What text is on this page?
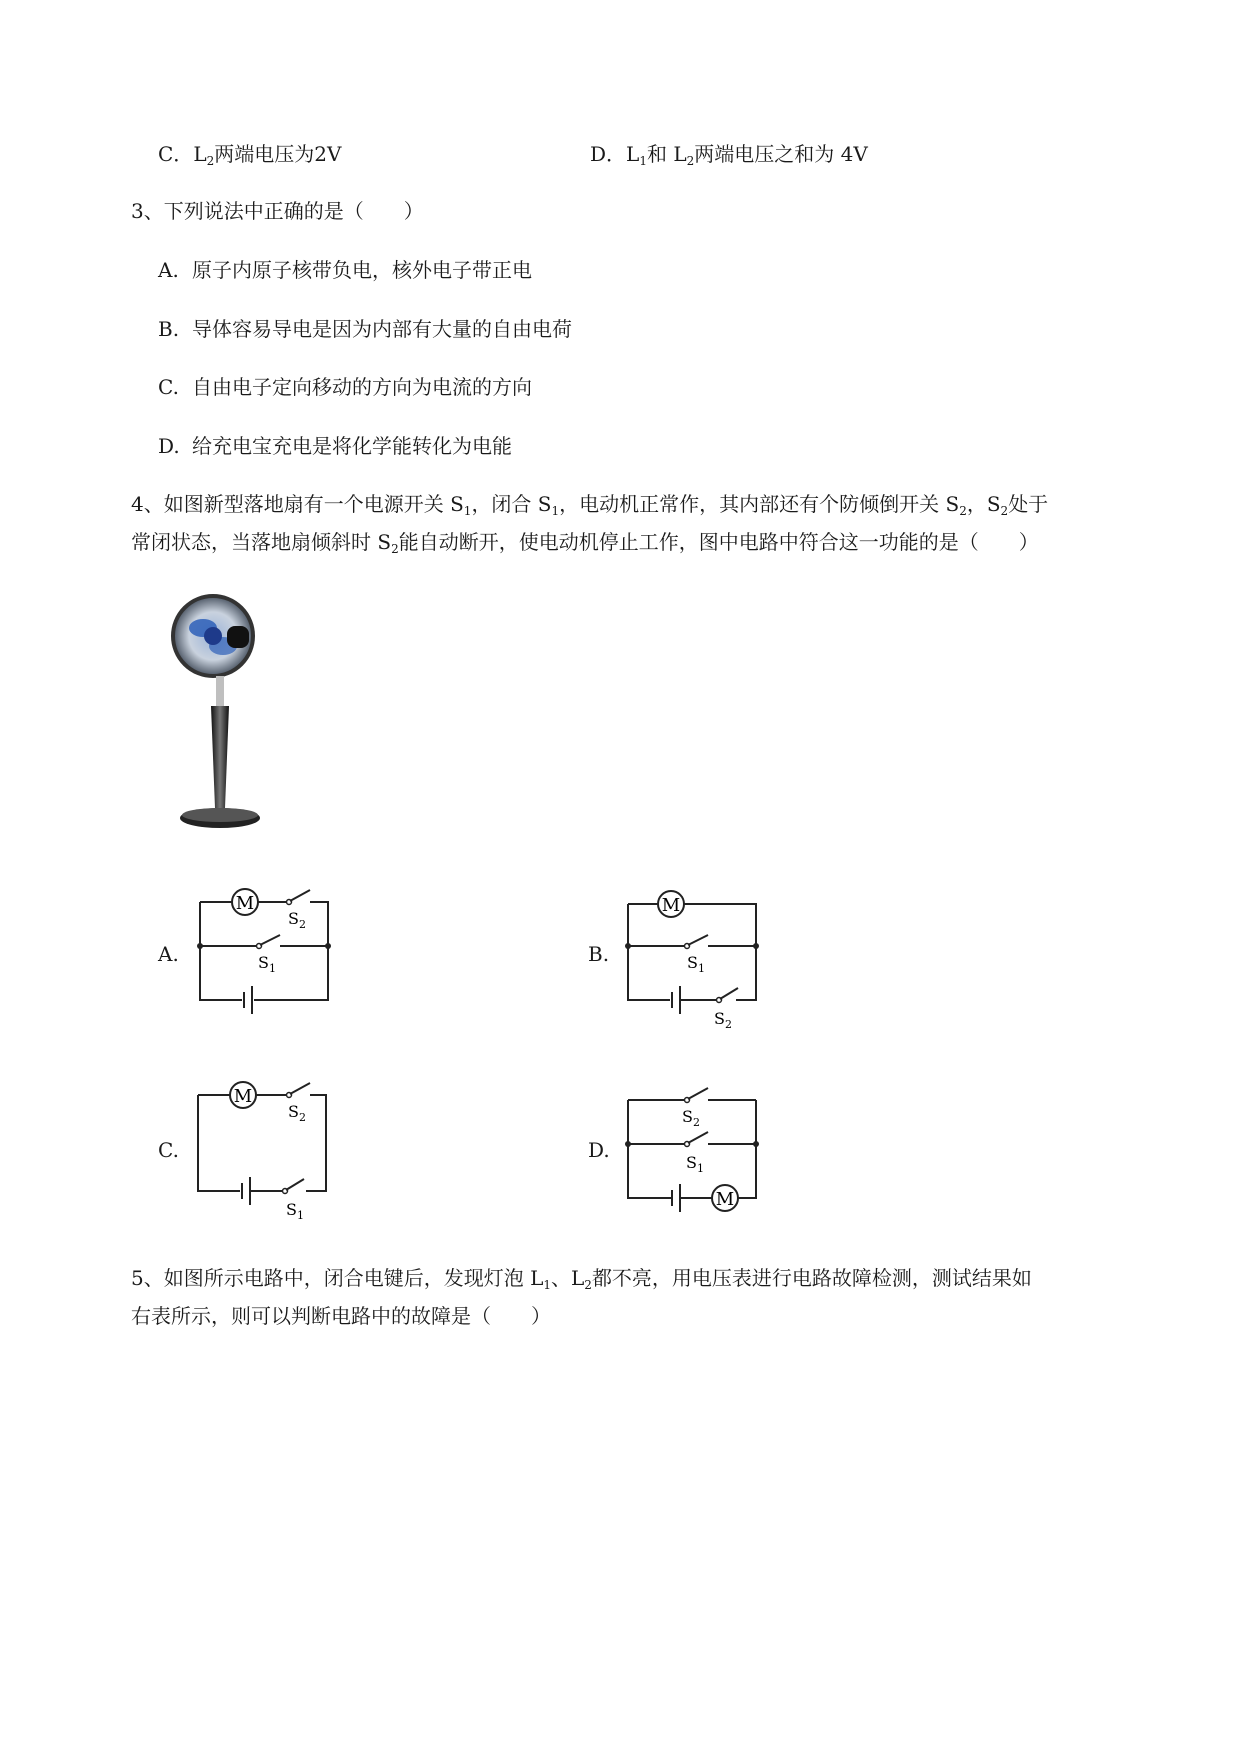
C．$L_2$两端电压为2V	D．$L_1$和 $L_2$两端电压之和为 4V
3、下列说法中正确的是（　　）
A. 原子内原子核带负电，核外电子带正电
B. 导体容易导电是因为内部有大量的自由电荷
C. 自由电子定向移动的方向为电流的方向
D. 给充电宝充电是将化学能转化为电能
4、如图新型落地扇有一个电源开关 $S_1$，闭合 $S_1$，电动机正常作，其内部还有个防倾倒开关 $S_2$，$S_2$处于
常闭状态，当落地扇倾斜时 $S_2$能自动断开，使电动机停止工作，图中电路中符合这一功能的是（　　）
A.	B.
C.	D.
M
$S_2$
$S_1$
M
$S_1$
$S_2$
M
$S_2$
$S_1$
$S_2$
$S_1$
M
5、如图所示电路中，闭合电键后，发现灯泡 $L_1$、$L_2$都不亮，用电压表进行电路故障检测，测试结果如
右表所示，则可以判断电路中的故障是（　　）
